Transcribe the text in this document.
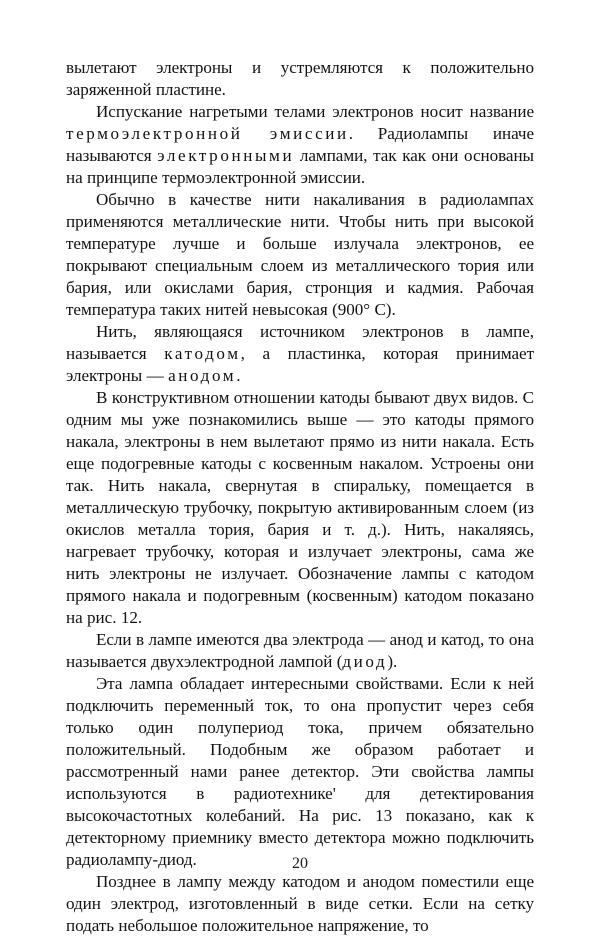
вылетают электроны и устремляются к положительно заряженной пластине.

Испускание нагретыми телами электронов носит название термоэлектронной эмиссии. Радиолампы иначе называются электронными лампами, так как они основаны на принципе термоэлектронной эмиссии.

Обычно в качестве нити накаливания в радиолампах применяются металлические нити. Чтобы нить при высокой температуре лучше и больше излучала электронов, ее покрывают специальным слоем из металлического тория или бария, или окислами бария, стронция и кадмия. Рабочая температура таких нитей невысокая (900° С).

Нить, являющаяся источником электронов в лампе, называется катодом, а пластинка, которая принимает электроны — анодом.

В конструктивном отношении катоды бывают двух видов. С одним мы уже познакомились выше — это катоды прямого накала, электроны в нем вылетают прямо из нити накала. Есть еще подогревные катоды с косвенным накалом. Устроены они так. Нить накала, свернутая в спиральку, помещается в металлическую трубочку, покрытую активированным слоем (из окислов металла тория, бария и т. д.). Нить, накаляясь, нагревает трубочку, которая и излучает электроны, сама же нить электроны не излучает. Обозначение лампы с катодом прямого накала и подогревным (косвенным) катодом показано на рис. 12.

Если в лампе имеются два электрода — анод и катод, то она называется двухэлектродной лампой (диод).

Эта лампа обладает интересными свойствами. Если к ней подключить переменный ток, то она пропустит через себя только один полупериод тока, причем обязательно положительный. Подобным же образом работает и рассмотренный нами ранее детектор. Эти свойства лампы используются в радиотехнике' для детектирования высокочастотных колебаний. На рис. 13 показано, как к детекторному приемнику вместо детектора можно подключить радиолампу-диод.

Позднее в лампу между катодом и анодом поместили еще один электрод, изготовленный в виде сетки. Если на сетку подать небольшое положительное напряжение, то

20
